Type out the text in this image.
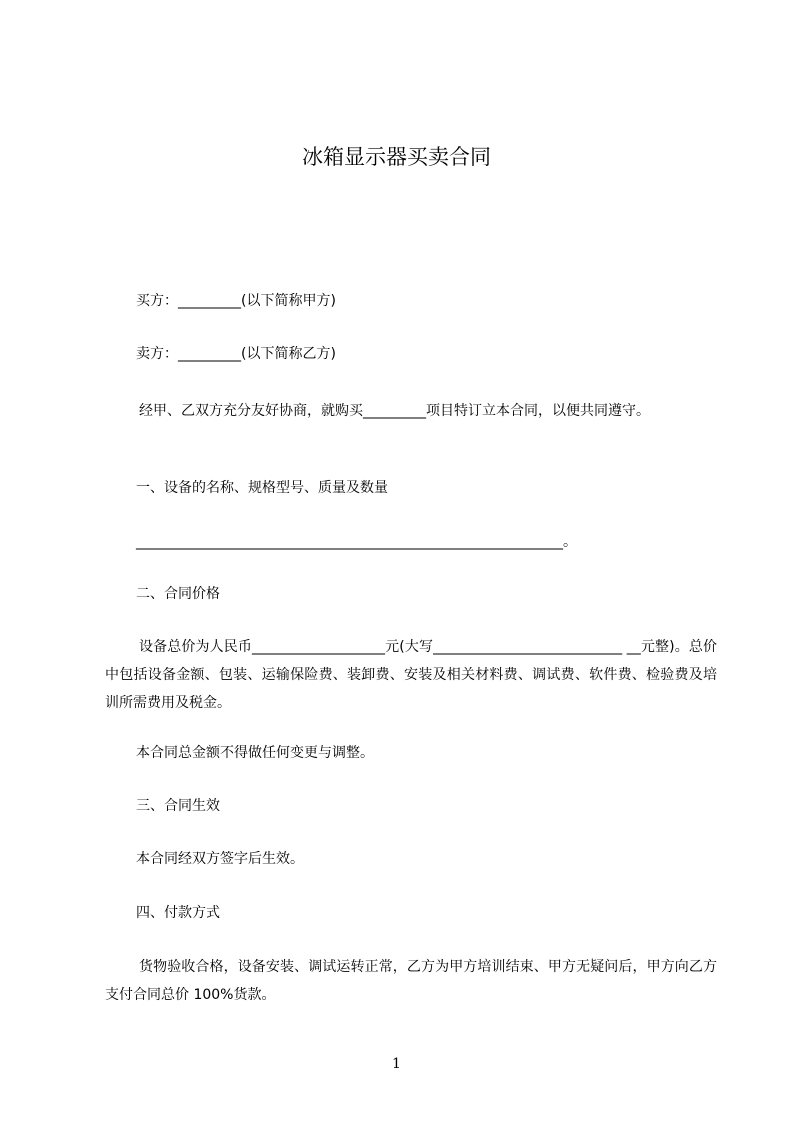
冰箱显示器买卖合同
买方：_________(以下简称甲方)
卖方：_________(以下简称乙方)
经甲、乙双方充分友好协商，就购买_________项目特订立本合同，以便共同遵守。
一、设备的名称、规格型号、质量及数量
_____________________________________________________________。
二、合同价格
设备总价为人民币___________________元(大写___________________________ __元整)。总价中包括设备金额、包装、运输保险费、装卸费、安装及相关材料费、调试费、软件费、检验费及培训所需费用及税金。
本合同总金额不得做任何变更与调整。
三、合同生效
本合同经双方签字后生效。
四、付款方式
货物验收合格，设备安装、调试运转正常，乙方为甲方培训结束、甲方无疑问后，甲方向乙方支付合同总价 100%货款。
1
